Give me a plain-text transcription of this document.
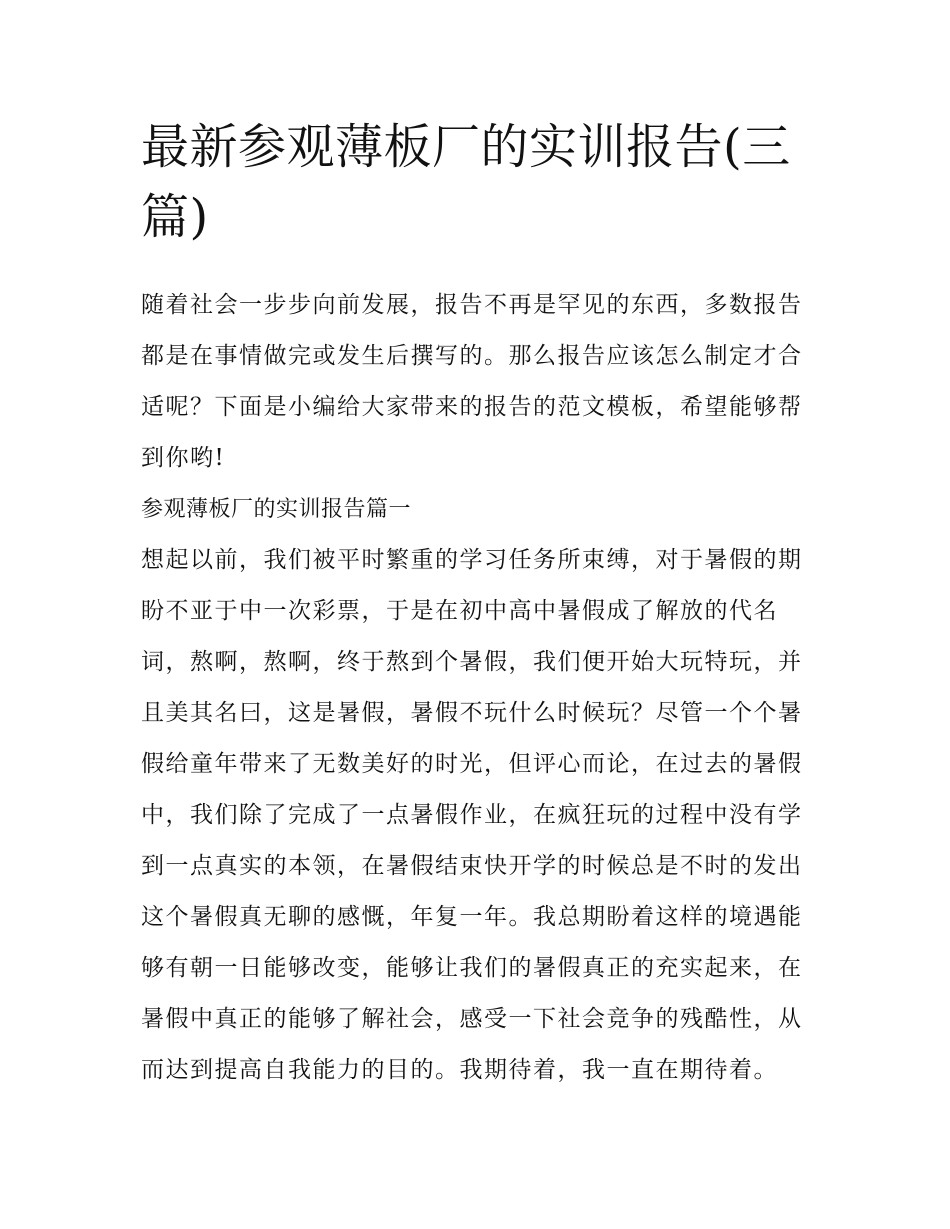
最新参观薄板厂的实训报告(三
篇)

随着社会一步步向前发展，报告不再是罕见的东西，多数报告
都是在事情做完或发生后撰写的。那么报告应该怎么制定才合
适呢？下面是小编给大家带来的报告的范文模板，希望能够帮
到你哟!

参观薄板厂的实训报告篇一

想起以前，我们被平时繁重的学习任务所束缚，对于暑假的期
盼不亚于中一次彩票，于是在初中高中暑假成了解放的代名
词，熬啊，熬啊，终于熬到个暑假，我们便开始大玩特玩，并
且美其名曰，这是暑假，暑假不玩什么时候玩？尽管一个个暑
假给童年带来了无数美好的时光，但评心而论，在过去的暑假
中，我们除了完成了一点暑假作业，在疯狂玩的过程中没有学
到一点真实的本领，在暑假结束快开学的时候总是不时的发出
这个暑假真无聊的感慨，年复一年。我总期盼着这样的境遇能
够有朝一日能够改变，能够让我们的暑假真正的充实起来，在
暑假中真正的能够了解社会，感受一下社会竞争的残酷性，从
而达到提高自我能力的目的。我期待着，我一直在期待着。
